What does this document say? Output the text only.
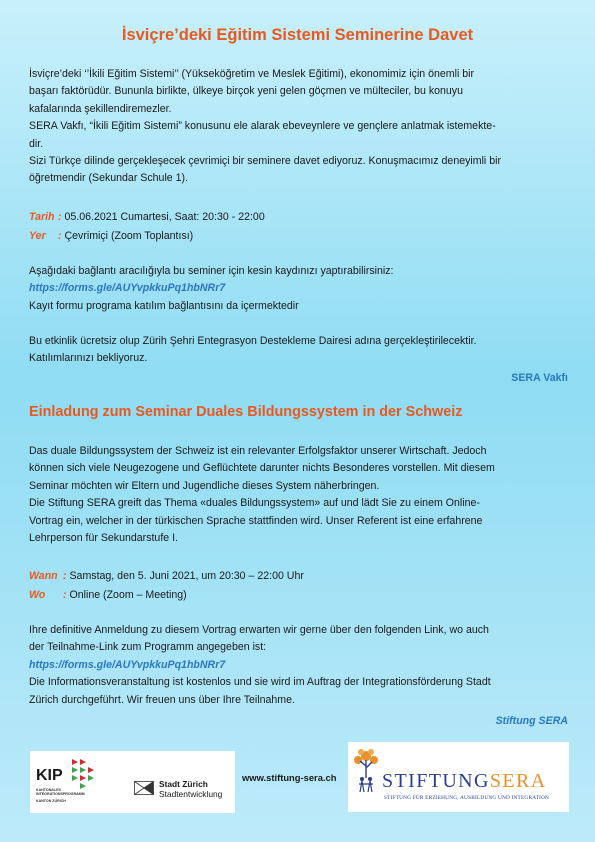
İsviçre’deki Eğitim Sistemi Seminerine Davet
İsviçre’deki ‘’İkili Eğitim Sistemi’’ (Yükseköğretim ve Meslek Eğitimi), ekonomimiz için önemli bir
başarı faktörüdür. Bununla birlikte, ülkeye birçok yeni gelen göçmen ve mülteciler, bu konuyu
kafalarında şekillendiremezler.
SERA Vakfı, “İkili Eğitim Sistemi” konusunu ele alarak ebeveynlere ve gençlere anlatmak istemekte-
dir.
Sizi Türkçe dilinde gerçekleşecek çevrimiçi bir seminere davet ediyoruz. Konuşmacımız deneyimli bir
öğretmendir (Sekundar Schule 1).
Tarih : 05.06.2021 Cumartesi, Saat: 20:30 - 22:00
Yer : Çevrimiçi (Zoom Toplantısı)
Aşağıdaki bağlantı aracılığıyla bu seminer için kesin kaydınızı yaptırabilirsiniz:
https://forms.gle/AUYvpkkuPq1hbNRr7
Kayıt formu programa katılım bağlantısını da içermektedir
Bu etkinlik ücretsiz olup Zürih Şehri Entegrasyon Destekleme Dairesi adına gerçekleştirilecektir.
Katılımlarınızı bekliyoruz.
SERA Vakfı
Einladung zum Seminar Duales Bildungssystem in der Schweiz
Das duale Bildungssystem der Schweiz ist ein relevanter Erfolgsfaktor unserer Wirtschaft. Jedoch
können sich viele Neugezogene und Geflüchtete darunter nichts Besonderes vorstellen. Mit diesem
Seminar möchten wir Eltern und Jugendliche dieses System näherbringen.
Die Stiftung SERA greift das Thema «duales Bildungssystem» auf und lädt Sie zu einem Online-
Vortrag ein, welcher in der türkischen Sprache stattfinden wird. Unser Referent ist eine erfahrene
Lehrperson für Sekundarstufe I.
Wann : Samstag, den 5. Juni 2021, um 20:30 – 22:00 Uhr
Wo : Online (Zoom – Meeting)
Ihre definitive Anmeldung zu diesem Vortrag erwarten wir gerne über den folgenden Link, wo auch
der Teilnahme-Link zum Programm angegeben ist:
https://forms.gle/AUYvpkkuPq1hbNRr7
Die Informationsveranstaltung ist kostenlos und sie wird im Auftrag der Integrationsförderung Stadt
Zürich durchgeführt. Wir freuen uns über Ihre Teilnahme.
Stiftung SERA
KIP
KANTONALES
INTEGRATIONSPROGRAMM
KANTON ZÜRICH
Stadt Zürich
Stadtentwicklung
www.stiftung-sera.ch STIFTUNGSERA
STIFTUNG FÜR ERZIEHUNG, AUSBILDUNG UND INTEGRATION
